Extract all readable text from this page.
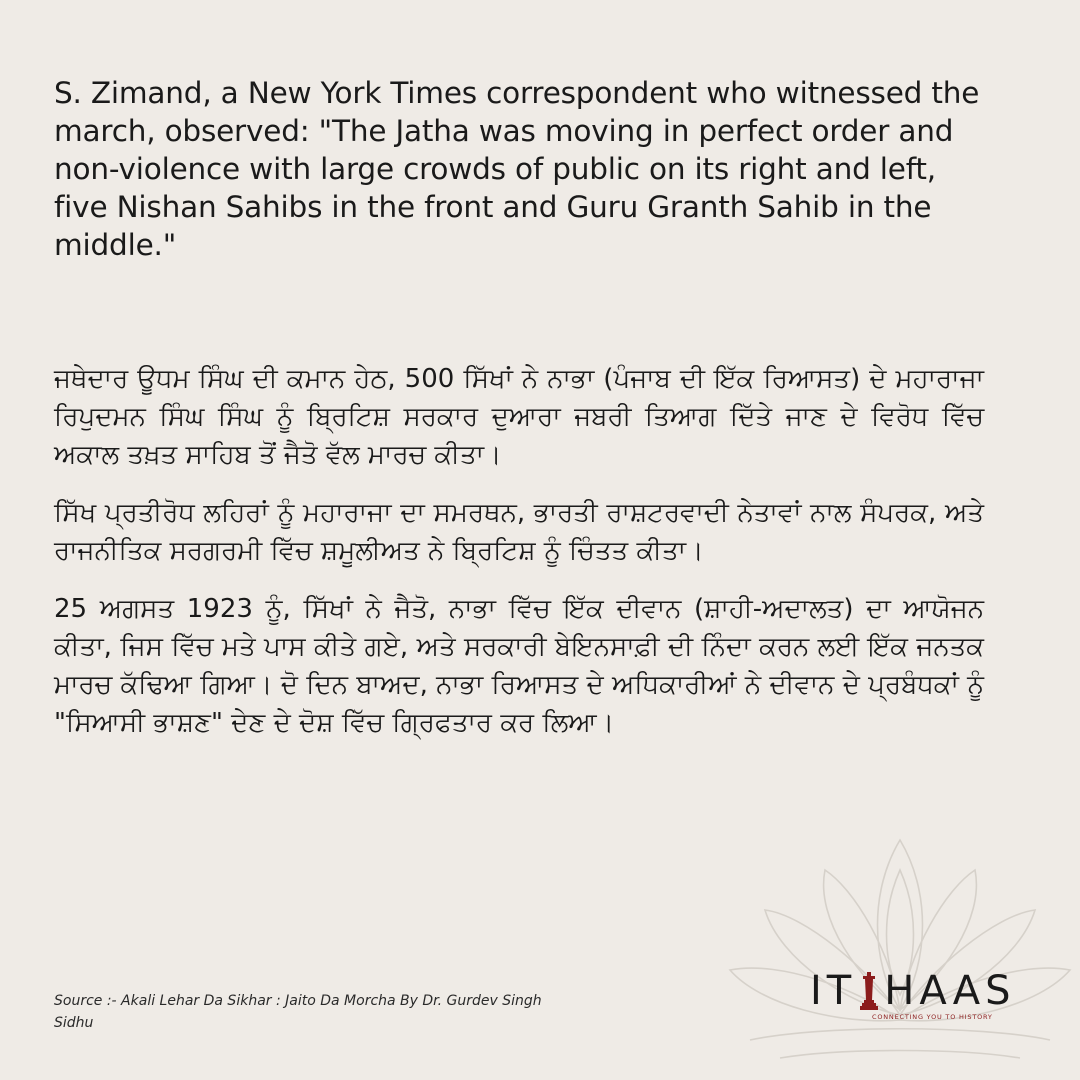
S. Zimand, a New York Times correspondent who witnessed the march, observed: "The Jatha was moving in perfect order and non-violence with large crowds of public on its right and left, five Nishan Sahibs in the front and Guru Granth Sahib in the middle."

ਜਥੇਦਾਰ ਊਧਮ ਸਿੰਘ ਦੀ ਕਮਾਨ ਹੇਠ, 500 ਸਿੱਖਾਂ ਨੇ ਨਾਭਾ (ਪੰਜਾਬ ਦੀ ਇੱਕ ਰਿਆਸਤ) ਦੇ ਮਹਾਰਾਜਾ ਰਿਪੁਦਮਨ ਸਿੰਘ ਸਿੰਘ ਨੂੰ ਬ੍ਰਿਟਿਸ਼ ਸਰਕਾਰ ਦੁਆਰਾ ਜਬਰੀ ਤਿਆਗ ਦਿੱਤੇ ਜਾਣ ਦੇ ਵਿਰੋਧ ਵਿੱਚ ਅਕਾਲ ਤਖ਼ਤ ਸਾਹਿਬ ਤੋਂ ਜੈਤੋ ਵੱਲ ਮਾਰਚ ਕੀਤਾ।

ਸਿੱਖ ਪ੍ਰਤੀਰੋਧ ਲਹਿਰਾਂ ਨੂੰ ਮਹਾਰਾਜਾ ਦਾ ਸਮਰਥਨ, ਭਾਰਤੀ ਰਾਸ਼ਟਰਵਾਦੀ ਨੇਤਾਵਾਂ ਨਾਲ ਸੰਪਰਕ, ਅਤੇ ਰਾਜਨੀਤਿਕ ਸਰਗਰਮੀ ਵਿੱਚ ਸ਼ਮੂਲੀਅਤ ਨੇ ਬ੍ਰਿਟਿਸ਼ ਨੂੰ ਚਿੰਤਤ ਕੀਤਾ।

25 ਅਗਸਤ 1923 ਨੂੰ, ਸਿੱਖਾਂ ਨੇ ਜੈਤੋ, ਨਾਭਾ ਵਿੱਚ ਇੱਕ ਦੀਵਾਨ (ਸ਼ਾਹੀ-ਅਦਾਲਤ) ਦਾ ਆਯੋਜਨ ਕੀਤਾ, ਜਿਸ ਵਿੱਚ ਮਤੇ ਪਾਸ ਕੀਤੇ ਗਏ, ਅਤੇ ਸਰਕਾਰੀ ਬੇਇਨਸਾਫ਼ੀ ਦੀ ਨਿੰਦਾ ਕਰਨ ਲਈ ਇੱਕ ਜਨਤਕ ਮਾਰਚ ਕੱਢਿਆ ਗਿਆ। ਦੋ ਦਿਨ ਬਾਅਦ, ਨਾਭਾ ਰਿਆਸਤ ਦੇ ਅਧਿਕਾਰੀਆਂ ਨੇ ਦੀਵਾਨ ਦੇ ਪ੍ਰਬੰਧਕਾਂ ਨੂੰ "ਸਿਆਸੀ ਭਾਸ਼ਣ" ਦੇਣ ਦੇ ਦੋਸ਼ ਵਿੱਚ ਗ੍ਰਿਫਤਾਰ ਕਰ ਲਿਆ।

Source :- Akali Lehar Da Sikhar : Jaito Da Morcha By Dr. Gurdev Singh Sidhu
IT HAAS
CONNECTING YOU TO HISTORY
